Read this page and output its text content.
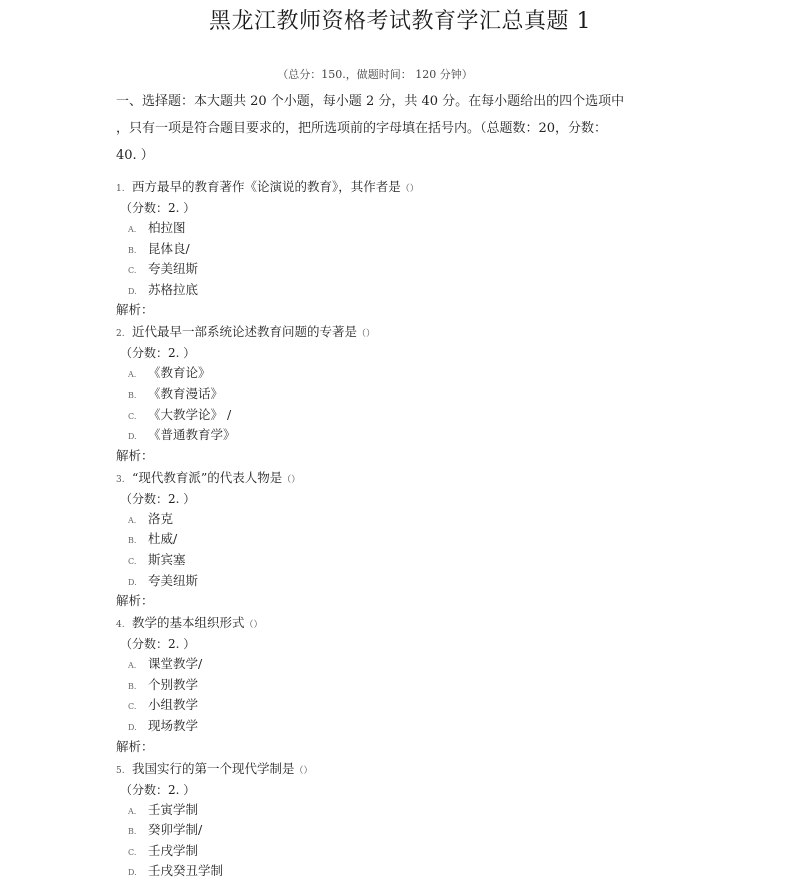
黑龙江教师资格考试教育学汇总真题 1
（总分：150.，做题时间： 120 分钟）
一、选择题：本大题共 20 个小题，每小题 2 分，共 40 分。在每小题给出的四个选项中
，只有一项是符合题目要求的，把所选项前的字母填在括号内。（总题数：20，分数：
40. ）
1. 西方最早的教育著作《论演说的教育》，其作者是（）
（分数：2. ）
A. 柏拉图
B. 昆体良/
C. 夸美纽斯
D. 苏格拉底
解析：
2. 近代最早一部系统论述教育问题的专著是（）
（分数：2. ）
A. 《教育论》
B. 《教育漫话》
C. 《大教学论》 /
D. 《普通教育学》
解析：
3. “现代教育派”的代表人物是（）
（分数：2. ）
A. 洛克
B. 杜威/
C. 斯宾塞
D. 夸美纽斯
解析：
4. 教学的基本组织形式（）
（分数：2. ）
A. 课堂教学/
B. 个别教学
C. 小组教学
D. 现场教学
解析：
5. 我国实行的第一个现代学制是（）
（分数：2. ）
A. 壬寅学制
B. 癸卯学制/
C. 壬戌学制
D. 壬戌癸丑学制
